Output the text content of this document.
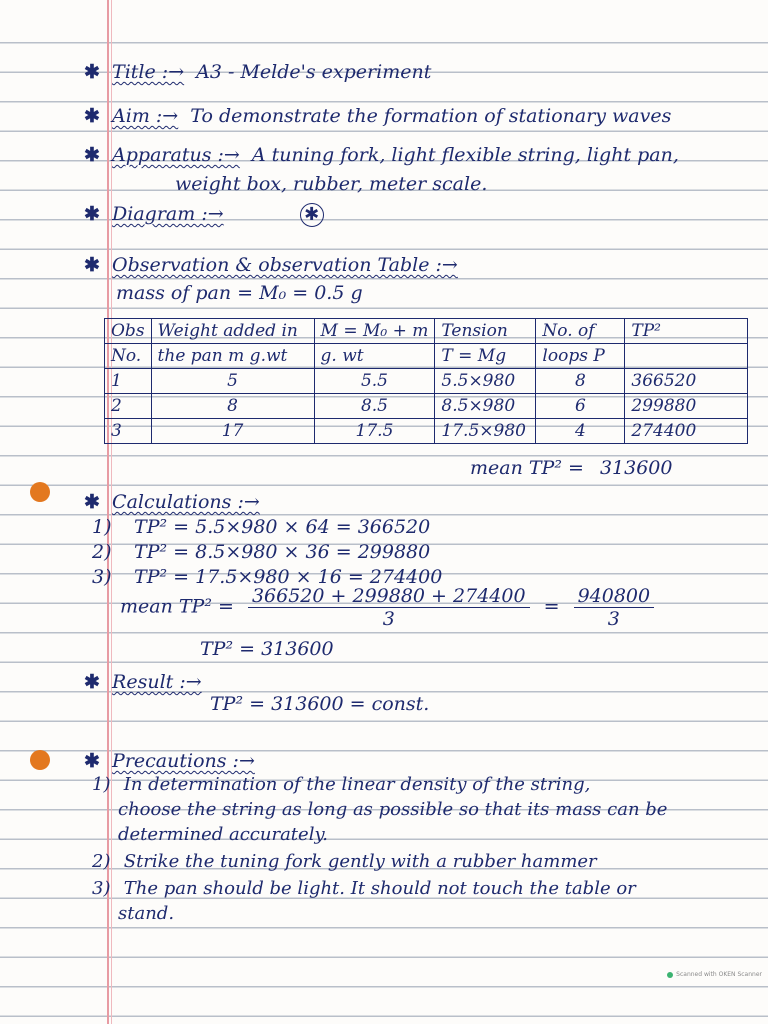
✱ Title :→ A3 - Melde's experiment
✱ Aim :→ To demonstrate the formation of stationary waves
✱ Apparatus :→ A tuning fork, light flexible string, light pan,
weight box, rubber, meter scale.
✱ Diagram :→	✱
✱ Observation & observation Table :→
mass of pan = M₀ = 0.5 g
Obs	Weight added in	M = M₀ + m	Tension	No. of	TP²
No.	the pan m g.wt	g. wt	T = Mg	loops P	
1	5	5.5	5.5×980	8	366520
2	8	8.5	8.5×980	6	299880
3	17	17.5	17.5×980	4	274400
mean TP² = 313600
✱ Calculations :→
1) TP² = 5.5×980 × 64 = 366520
2) TP² = 8.5×980 × 36 = 299880
3) TP² = 17.5×980 × 16 = 274400
mean $TP^2 = \frac{366520 + 299880 + 274400}{3} = \frac{940800}{3}$
TP² = 313600
✱ Result :→
TP² = 313600 = const.
✱ Precautions :→
1) In determination of the linear density of the string,
choose the string as long as possible so that its mass can be
determined accurately.
2) Strike the tuning fork gently with a rubber hammer
3) The pan should be light. It should not touch the table or
stand.
Scanned with OKEN Scanner
